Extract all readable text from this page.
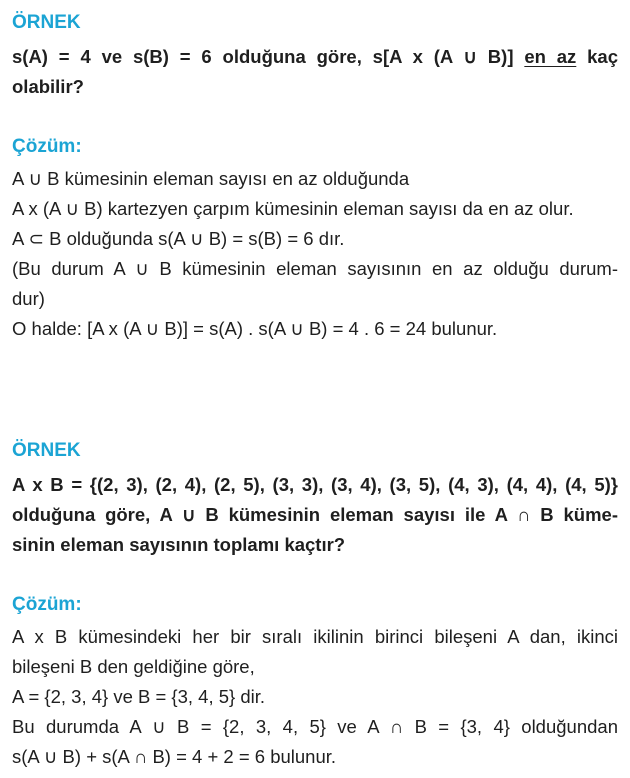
ÖRNEK
s(A) = 4 ve s(B) = 6 olduğuna göre, s[A x (A ∪ B)] en az kaç
olabilir?
Çözüm:
A ∪ B kümesinin eleman sayısı en az olduğunda
A x (A ∪ B) kartezyen çarpım kümesinin eleman sayısı da en az olur.
A ⊂ B olduğunda s(A ∪ B) = s(B) = 6 dır.
(Bu durum A ∪ B kümesinin eleman sayısının en az olduğu durum-
dur)
O halde: [A x (A ∪ B)] = s(A) . s(A ∪ B) = 4 . 6 = 24 bulunur.
ÖRNEK
A x B = {(2, 3), (2, 4), (2, 5), (3, 3), (3, 4), (3, 5), (4, 3), (4, 4), (4, 5)}
olduğuna göre, A ∪ B kümesinin eleman sayısı ile A ∩ B küme-
sinin eleman sayısının toplamı kaçtır?
Çözüm:
A x B kümesindeki her bir sıralı ikilinin birinci bileşeni A dan, ikinci
bileşeni B den geldiğine göre,
A = {2, 3, 4} ve B = {3, 4, 5} dir.
Bu durumda A ∪ B = {2, 3, 4, 5} ve A ∩ B = {3, 4} olduğundan
s(A ∪ B) + s(A ∩ B) = 4 + 2 = 6 bulunur.
